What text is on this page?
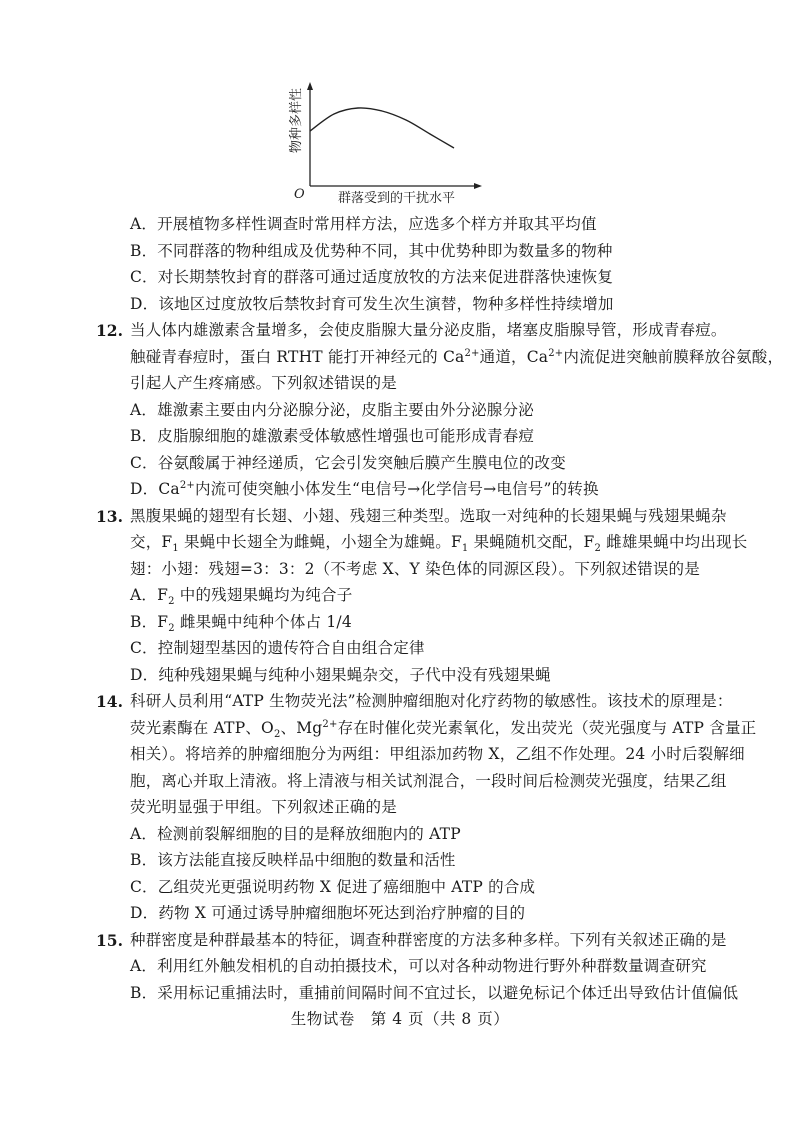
O	群落受到的干扰水平
物种多样性
A．开展植物多样性调查时常用样方法，应选多个样方并取其平均值
B．不同群落的物种组成及优势种不同，其中优势种即为数量多的物种
C．对长期禁牧封育的群落可通过适度放牧的方法来促进群落快速恢复
D．该地区过度放牧后禁牧封育可发生次生演替，物种多样性持续增加
12. 当人体内雄激素含量增多，会使皮脂腺大量分泌皮脂，堵塞皮脂腺导管，形成青春痘。
触碰青春痘时，蛋白 RTHT 能打开神经元的 $Ca^{2+}$通道，$Ca^{2+}$内流促进突触前膜释放谷氨酸，
引起人产生疼痛感。下列叙述错误的是
A．雄激素主要由内分泌腺分泌，皮脂主要由外分泌腺分泌
B．皮脂腺细胞的雄激素受体敏感性增强也可能形成青春痘
C．谷氨酸属于神经递质，它会引发突触后膜产生膜电位的改变
D．$Ca^{2+}$内流可使突触小体发生“电信号→化学信号→电信号”的转换
13. 黑腹果蝇的翅型有长翅、小翅、残翅三种类型。选取一对纯种的长翅果蝇与残翅果蝇杂
交，$F_1$ 果蝇中长翅全为雌蝇，小翅全为雄蝇。$F_1$ 果蝇随机交配，$F_2$ 雌雄果蝇中均出现长
翅：小翅：残翅=3：3：2（不考虑 X、Y 染色体的同源区段）。下列叙述错误的是
A．$F_2$ 中的残翅果蝇均为纯合子
B．$F_2$ 雌果蝇中纯种个体占 1/4
C．控制翅型基因的遗传符合自由组合定律
D．纯种残翅果蝇与纯种小翅果蝇杂交，子代中没有残翅果蝇
14. 科研人员利用“ATP 生物荧光法”检测肿瘤细胞对化疗药物的敏感性。该技术的原理是：
荧光素酶在 ATP、$O_2$、$Mg^{2+}$存在时催化荧光素氧化，发出荧光（荧光强度与 ATP 含量正
相关）。将培养的肿瘤细胞分为两组：甲组添加药物 X，乙组不作处理。24 小时后裂解细
胞，离心并取上清液。将上清液与相关试剂混合，一段时间后检测荧光强度，结果乙组
荧光明显强于甲组。下列叙述正确的是
A．检测前裂解细胞的目的是释放细胞内的 ATP
B．该方法能直接反映样品中细胞的数量和活性
C．乙组荧光更强说明药物 X 促进了癌细胞中 ATP 的合成
D．药物 X 可通过诱导肿瘤细胞坏死达到治疗肿瘤的目的
15. 种群密度是种群最基本的特征，调查种群密度的方法多种多样。下列有关叙述正确的是
A．利用红外触发相机的自动拍摄技术，可以对各种动物进行野外种群数量调查研究
B．采用标记重捕法时，重捕前间隔时间不宜过长，以避免标记个体迁出导致估计值偏低
生物试卷　第 4 页（共 8 页）
